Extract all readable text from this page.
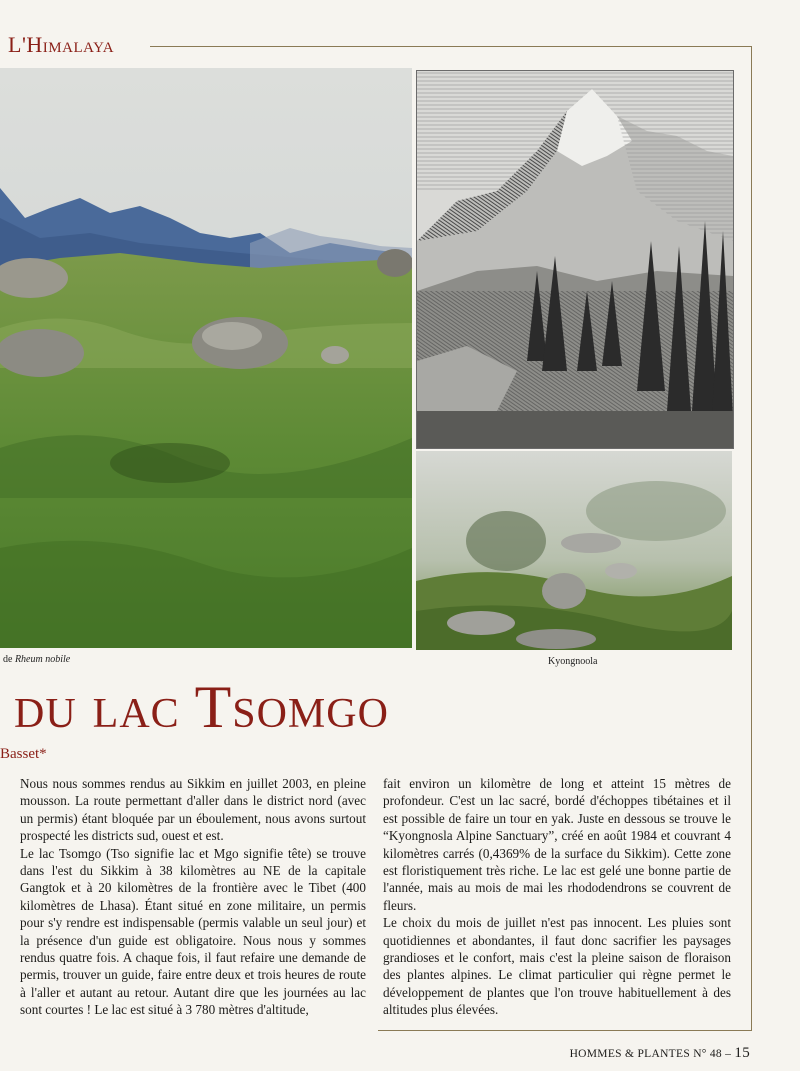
L'Himalaya
de Rheum nobile	Kyongnoola
du lac Tsomgo
Basset*

Nous nous sommes rendus au Sikkim en juillet 2003, en pleine mousson. La route permettant d'aller dans le district nord (avec un permis) étant bloquée par un éboulement, nous avons surtout prospecté les districts sud, ouest et est.

Le lac Tsomgo (Tso signifie lac et Mgo signifie tête) se trouve dans l'est du Sikkim à 38 kilomètres au NE de la capitale Gangtok et à 20 kilomètres de la frontière avec le Tibet (400 kilomètres de Lhasa). Étant situé en zone militaire, un permis pour s'y rendre est indispensable (permis valable un seul jour) et la présence d'un guide est obligatoire. Nous nous y sommes rendus quatre fois. A chaque fois, il faut refaire une demande de permis, trouver un guide, faire entre deux et trois heures de route à l'aller et autant au retour. Autant dire que les journées au lac sont courtes ! Le lac est situé à 3 780 mètres d'altitude,

fait environ un kilomètre de long et atteint 15 mètres de profondeur. C'est un lac sacré, bordé d'échoppes tibétaines et il est possible de faire un tour en yak. Juste en dessous se trouve le “Kyongnosla Alpine Sanctuary”, créé en août 1984 et couvrant 4 kilomètres carrés (0,4369% de la surface du Sikkim). Cette zone est floristiquement très riche. Le lac est gelé une bonne partie de l'année, mais au mois de mai les rhododendrons se couvrent de fleurs.

Le choix du mois de juillet n'est pas innocent. Les pluies sont quotidiennes et abondantes, il faut donc sacrifier les paysages grandioses et le confort, mais c'est la pleine saison de floraison des plantes alpines. Le climat particulier qui règne permet le développement de plantes que l'on trouve habituellement à des altitudes plus élevées.

HOMMES & PLANTES N° 48 – 15
